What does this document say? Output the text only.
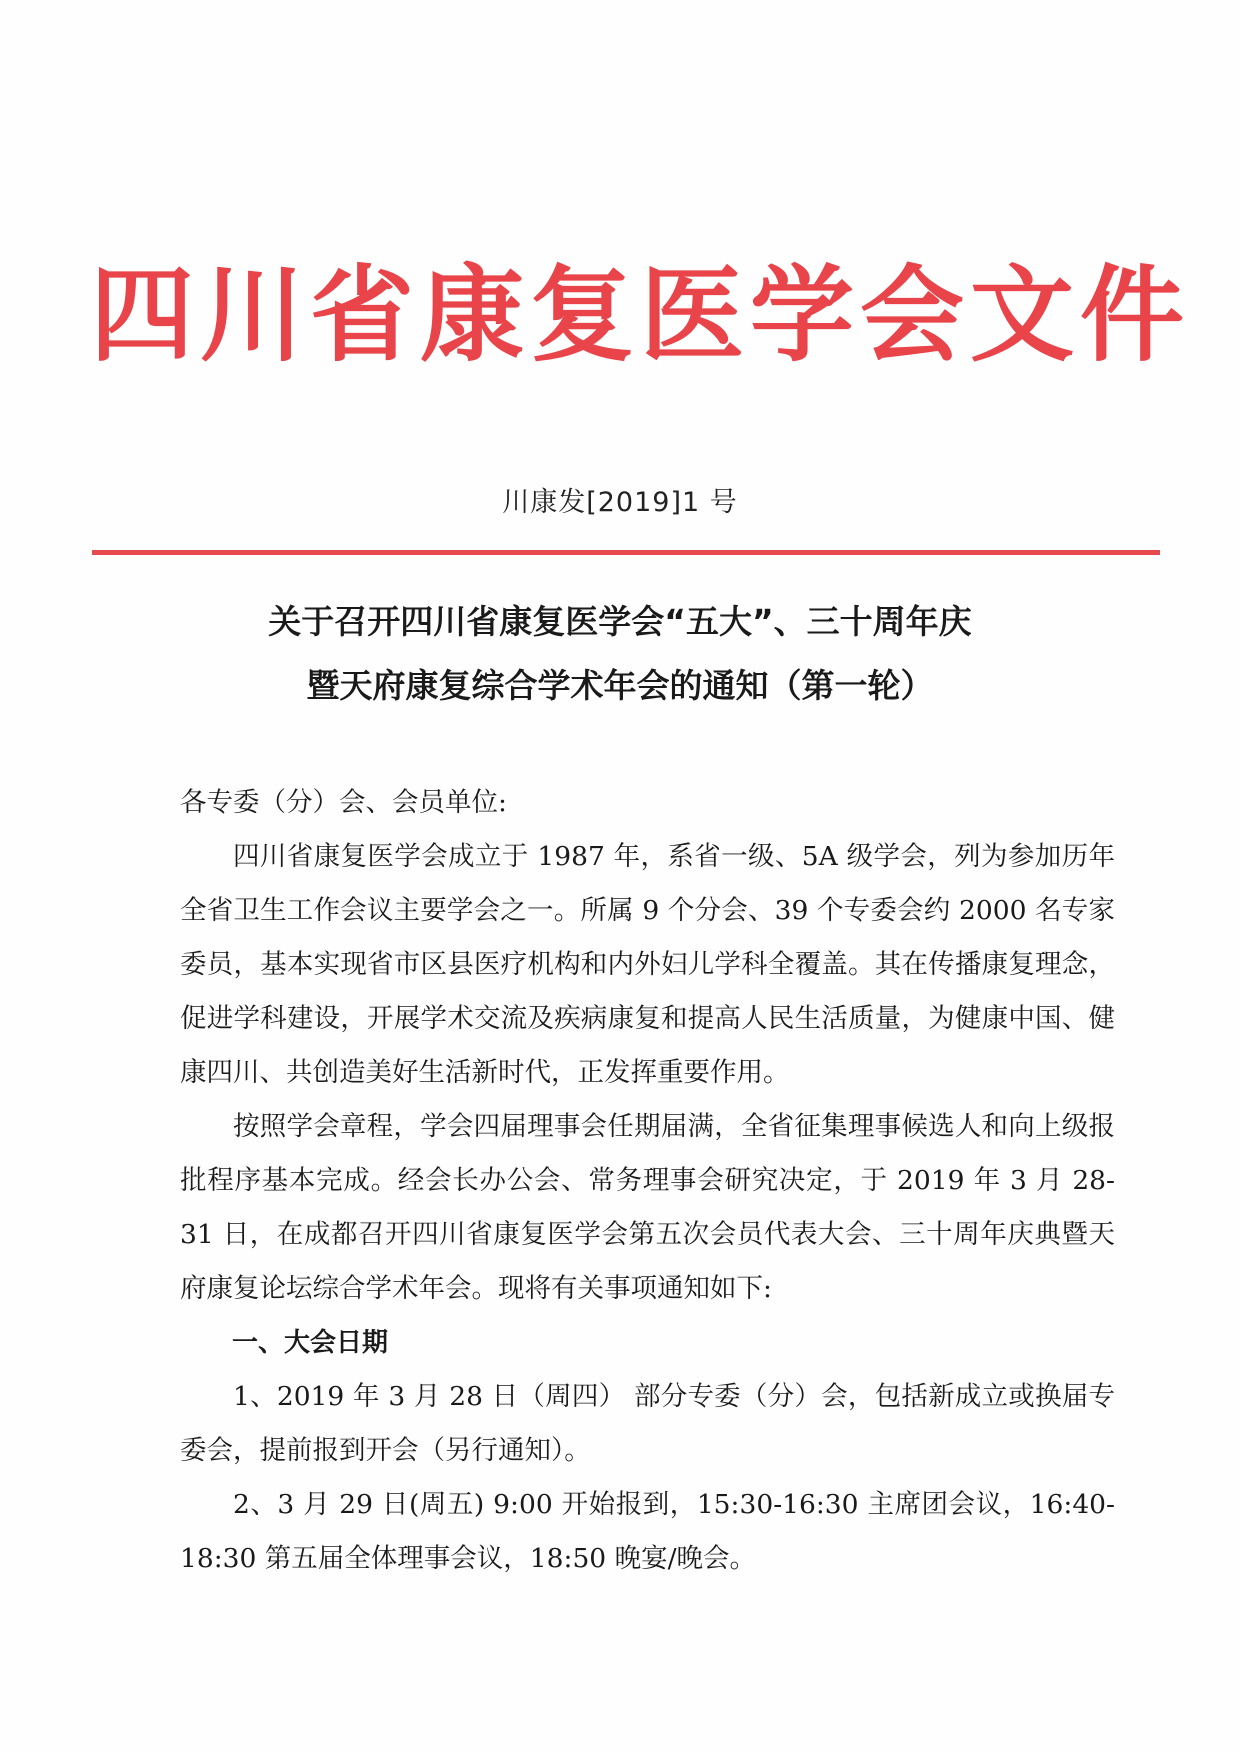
四川省康复医学会文件
川康发[2019]1 号
关于召开四川省康复医学会“五大”、三十周年庆
暨天府康复综合学术年会的通知（第一轮）

各专委（分）会、会员单位:

四川省康复医学会成立于 1987 年，系省一级、5A 级学会，列为参加历年全省卫生工作会议主要学会之一。所属 9 个分会、39 个专委会约 2000 名专家委员，基本实现省市区县医疗机构和内外妇儿学科全覆盖。其在传播康复理念，促进学科建设，开展学术交流及疾病康复和提高人民生活质量，为健康中国、健康四川、共创造美好生活新时代，正发挥重要作用。

按照学会章程，学会四届理事会任期届满，全省征集理事候选人和向上级报批程序基本完成。经会长办公会、常务理事会研究决定，于 2019 年 3 月 28-31 日，在成都召开四川省康复医学会第五次会员代表大会、三十周年庆典暨天府康复论坛综合学术年会。现将有关事项通知如下:

一、大会日期

1、2019 年 3 月 28 日（周四） 部分专委（分）会，包括新成立或换届专委会，提前报到开会（另行通知）。

2、3 月 29 日(周五) 9:00 开始报到，15:30-16:30 主席团会议，16:40-18:30 第五届全体理事会议，18:50 晚宴/晚会。
